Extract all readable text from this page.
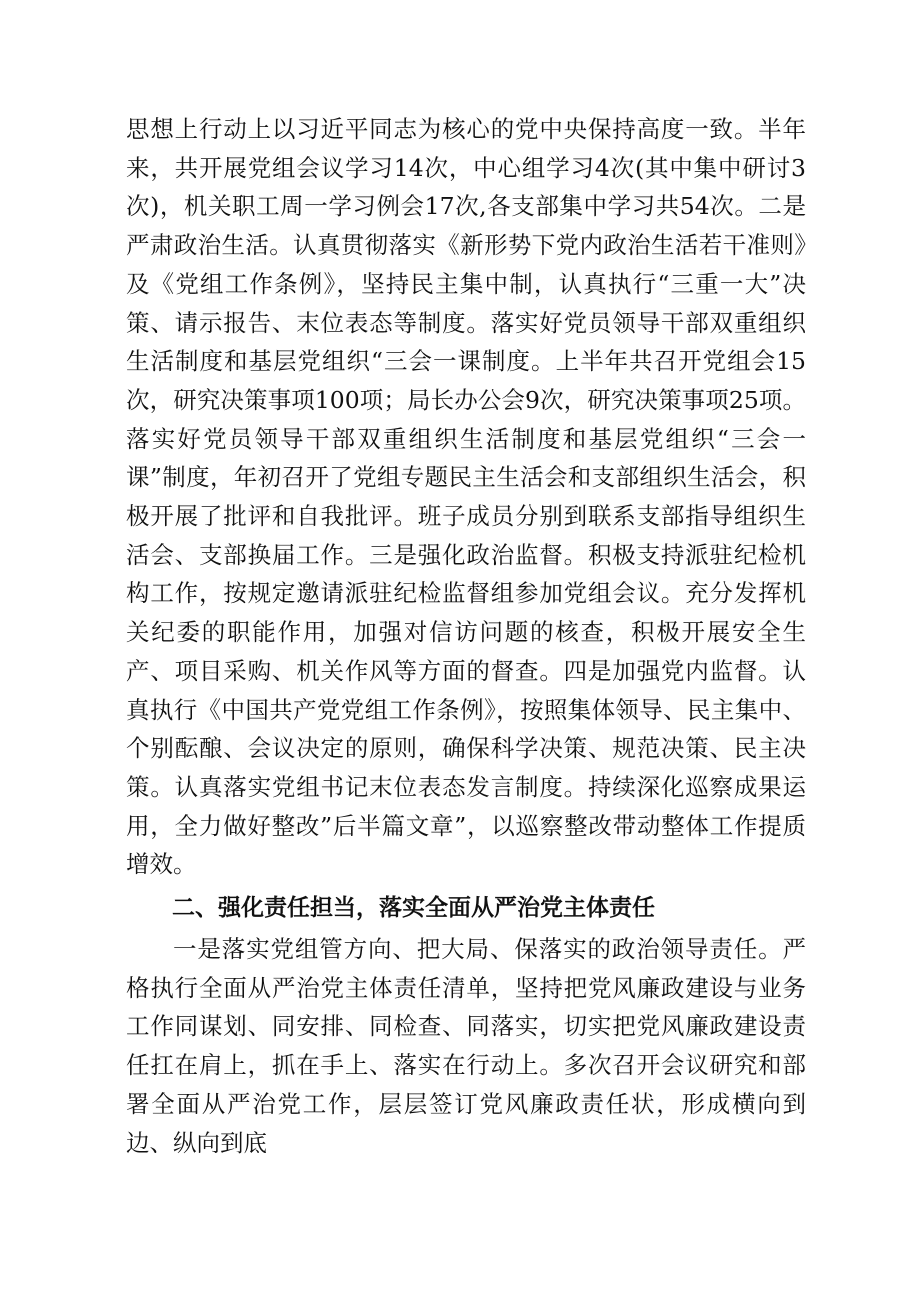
思想上行动上以习近平同志为核心的党中央保持高度一致。半年来，共开展党组会议学习14次，中心组学习4次(其中集中研讨3次)，机关职工周一学习例会17次,各支部集中学习共54次。二是严肃政治生活。认真贯彻落实《新形势下党内政治生活若干准则》及《党组工作条例》，坚持民主集中制，认真执行“三重一大”决策、请示报告、末位表态等制度。落实好党员领导干部双重组织生活制度和基层党组织“三会一课制度。上半年共召开党组会15次，研究决策事项100项；局长办公会9次，研究决策事项25项。落实好党员领导干部双重组织生活制度和基层党组织“三会一课”制度，年初召开了党组专题民主生活会和支部组织生活会，积极开展了批评和自我批评。班子成员分别到联系支部指导组织生活会、支部换届工作。三是强化政治监督。积极支持派驻纪检机构工作，按规定邀请派驻纪检监督组参加党组会议。充分发挥机关纪委的职能作用，加强对信访问题的核查，积极开展安全生产、项目采购、机关作风等方面的督查。四是加强党内监督。认真执行《中国共产党党组工作条例》，按照集体领导、民主集中、个别酝酿、会议决定的原则，确保科学决策、规范决策、民主决策。认真落实党组书记末位表态发言制度。持续深化巡察成果运用，全力做好整改”后半篇文章”，以巡察整改带动整体工作提质增效。

二、强化责任担当，落实全面从严治党主体责任

一是落实党组管方向、把大局、保落实的政治领导责任。严格执行全面从严治党主体责任清单，坚持把党风廉政建设与业务工作同谋划、同安排、同检查、同落实，切实把党风廉政建设责任扛在肩上，抓在手上、落实在行动上。多次召开会议研究和部署全面从严治党工作，层层签订党风廉政责任状，形成横向到边、纵向到底
